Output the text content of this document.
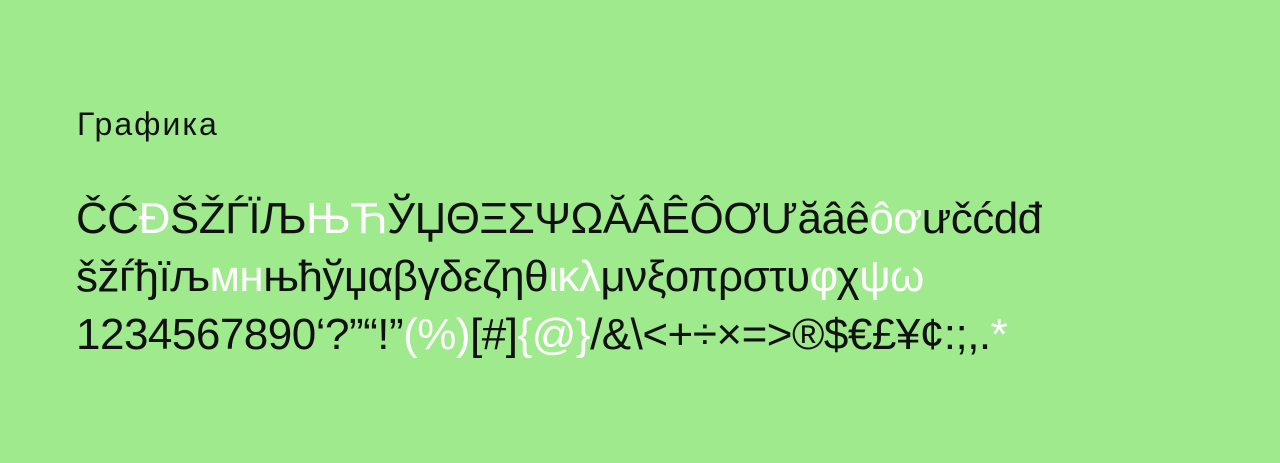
Графика
ČĆĐŠŽЃЇЉЊЋЎЏΘΞΣΨΩĂÂÊÔƠƯăâêôơưčćdđ
šžѓђїљмнњћўџαβγδεζηθικλμνξοπρστυφχψω
1234567890‘?”“!”(%)[#]{@}/&\<+÷×=>®$€£¥¢:;,.*
